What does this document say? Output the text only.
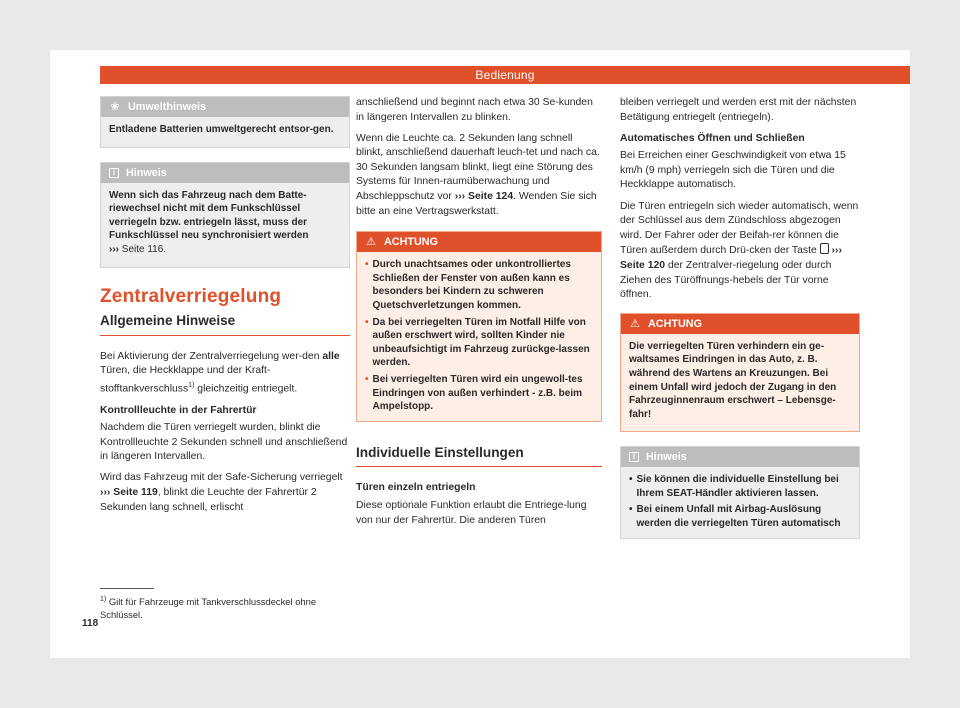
Bedienung
❀ Umwelthinweis

Entladene Batterien umweltgerecht entsor-gen.

i	Hinweis

Wenn sich das Fahrzeug nach dem Batte-riewechsel nicht mit dem Funkschlüssel verriegeln bzw. entriegeln lässt, muss der Funkschlüssel neu synchronisiert werden
››› Seite 116.

Zentralverriegelung
Allgemeine Hinweise

Bei Aktivierung der Zentralverriegelung wer-den alle Türen, die Heckklappe und der Kraft-stofftankverschluss$^{1)}$ gleichzeitig entriegelt.

Kontrollleuchte in der Fahrertür

Nachdem die Türen verriegelt wurden, blinkt die Kontrollleuchte 2 Sekunden schnell und anschließend in längeren Intervallen.

Wird das Fahrzeug mit der Safe-Sicherung verriegelt ››› Seite 119, blinkt die Leuchte der Fahrertür 2 Sekunden lang schnell, erlischt

anschließend und beginnt nach etwa 30 Se-kunden in längeren Intervallen zu blinken.

Wenn die Leuchte ca. 2 Sekunden lang schnell blinkt, anschließend dauerhaft leuch-tet und nach ca. 30 Sekunden langsam blinkt, liegt eine Störung des Systems für Innen-raumüberwachung und Abschleppschutz vor ››› Seite 124. Wenden Sie sich bitte an eine Vertragswerkstatt.

⚠ ACHTUNG
• Durch unachtsames oder unkontrolliertes Schließen der Fenster von außen kann es besonders bei Kindern zu schweren Quetschverletzungen kommen.
• Da bei verriegelten Türen im Notfall Hilfe von außen erschwert wird, sollten Kinder nie unbeaufsichtigt im Fahrzeug zurückge-lassen werden.
• Bei verriegelten Türen wird ein ungewoll-tes Eindringen von außen verhindert - z.B. beim Ampelstopp.
Individuelle Einstellungen
Türen einzeln entriegeln

Diese optionale Funktion erlaubt die Entriege-lung von nur der Fahrertür. Die anderen Türen

bleiben verriegelt und werden erst mit der nächsten Betätigung entriegelt (entriegeln).

Automatisches Öffnen und Schließen

Bei Erreichen einer Geschwindigkeit von etwa 15 km/h (9 mph) verriegeln sich die Türen und die Heckklappe automatisch.

Die Türen entriegeln sich wieder automatisch, wenn der Schlüssel aus dem Zündschloss abgezogen wird. Der Fahrer oder der Beifah-rer können die Türen außerdem durch Drü-cken der Taste  ››› Seite 120 der Zentralver-riegelung oder durch Ziehen des Türöffnungs-hebels der Tür vorne öffnen.

⚠ ACHTUNG

Die verriegelten Türen verhindern ein ge-waltsames Eindringen in das Auto, z. B. während des Wartens an Kreuzungen. Bei einem Unfall wird jedoch der Zugang in den Fahrzeuginnenraum erschwert – Lebensge-fahr!

i	Hinweis
• Sie können die individuelle Einstellung bei Ihrem SEAT-Händler aktivieren lassen.
• Bei einem Unfall mit Airbag-Auslösung werden die verriegelten Türen automatisch
$^{1)}$ Gilt für Fahrzeuge mit Tankverschlussdeckel ohne Schlüssel.
118
